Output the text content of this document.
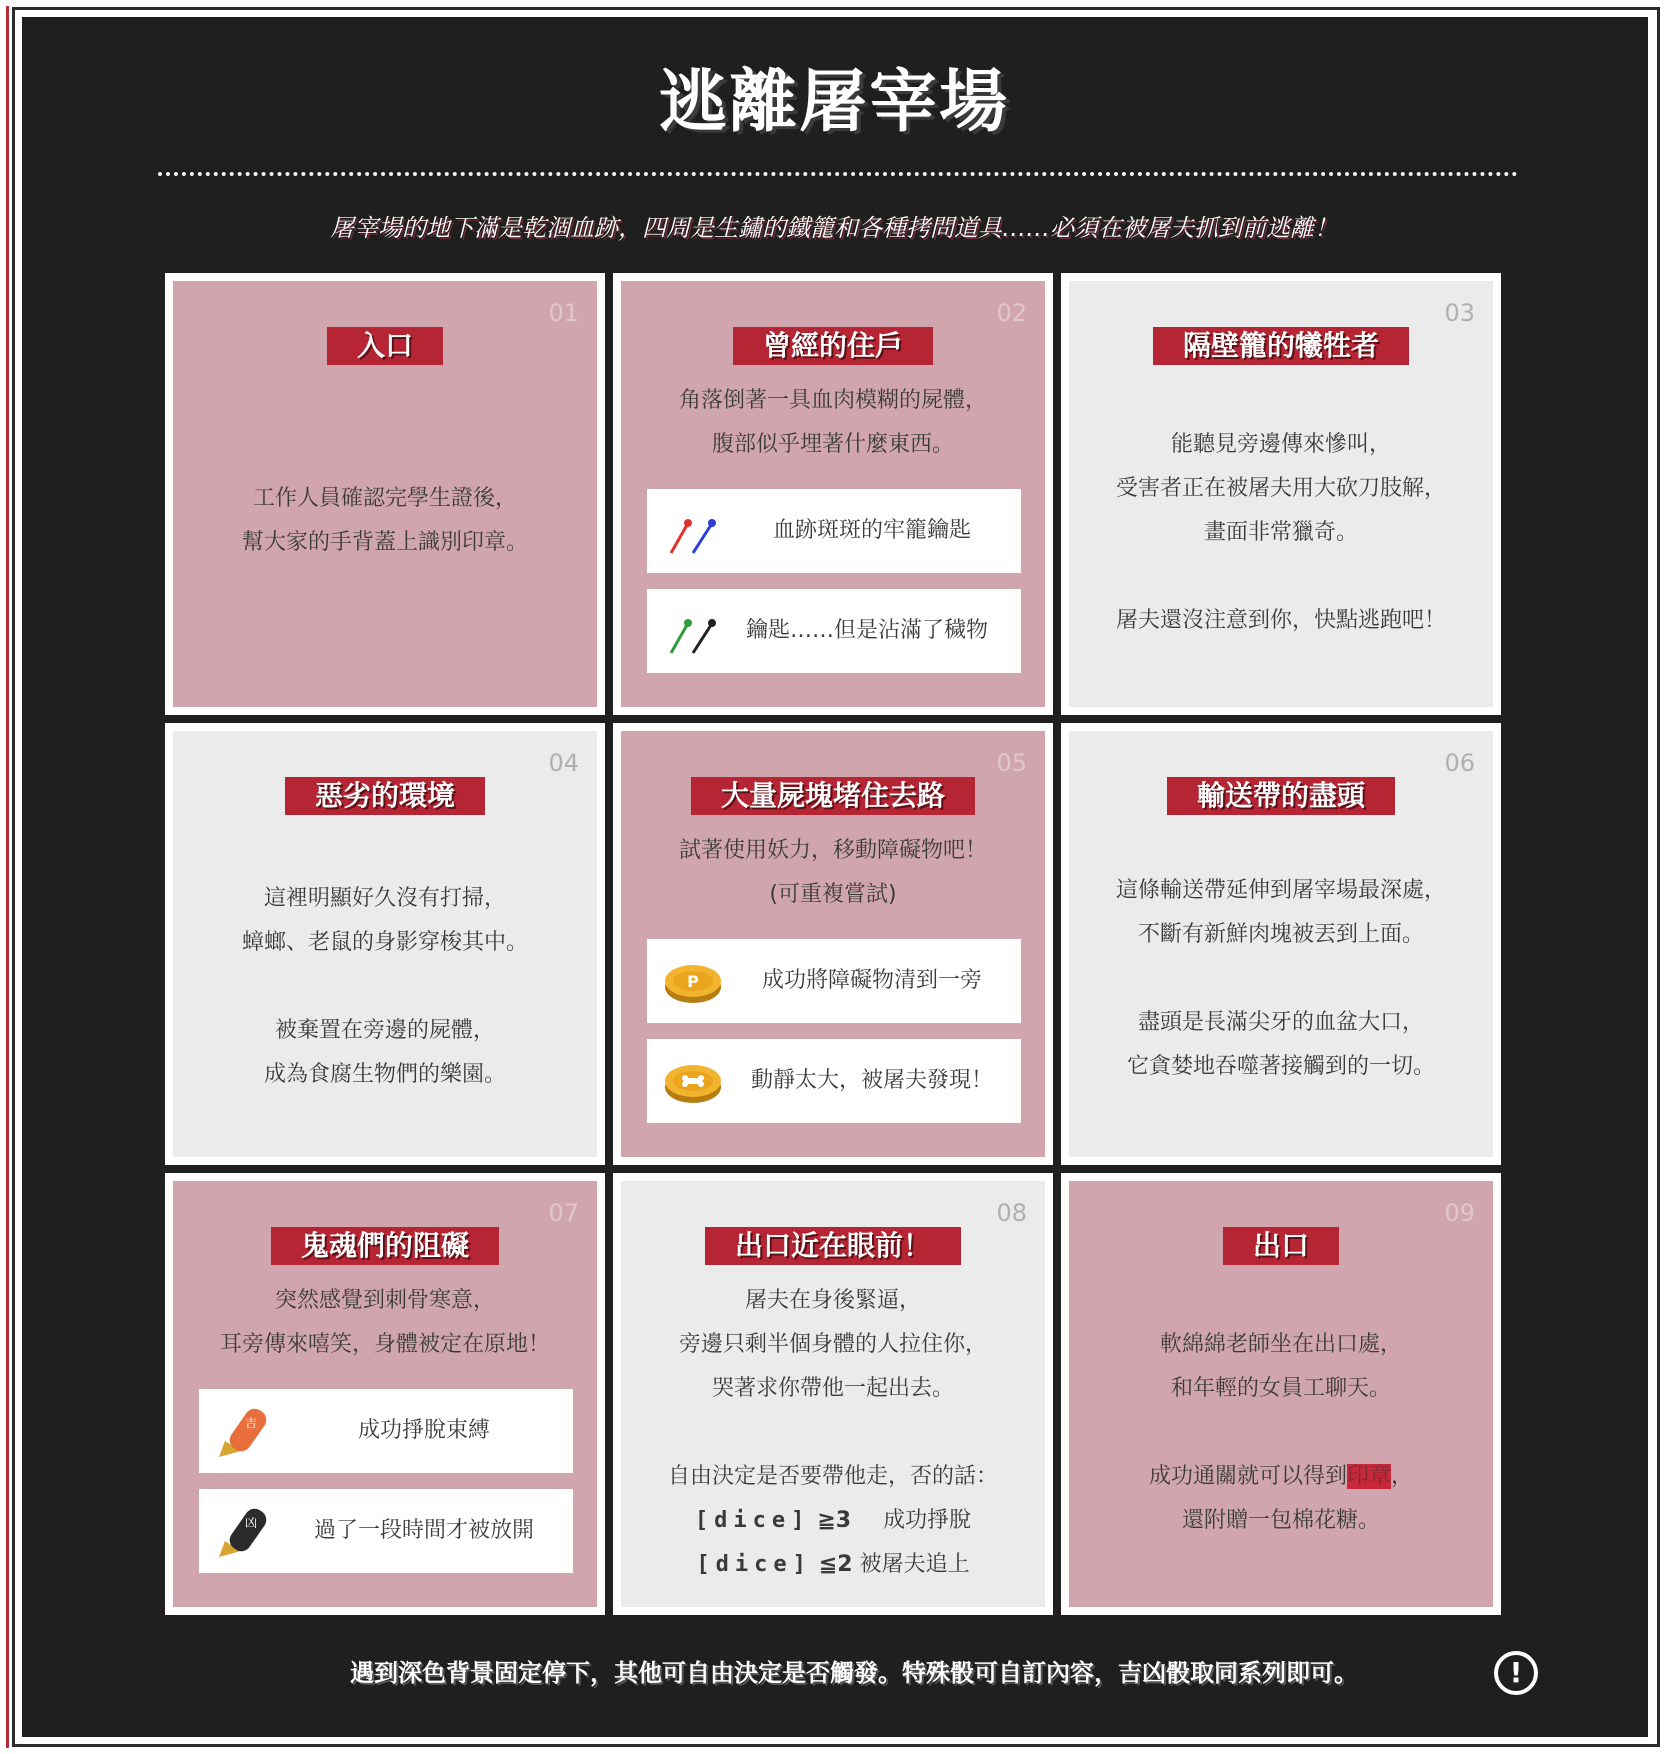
逃離屠宰場
屠宰場的地下滿是乾涸血跡，四周是生鏽的鐵籠和各種拷問道具……必須在被屠夫抓到前逃離！
01
入口
工作人員確認完學生證後，
幫大家的手背蓋上識別印章。
02
曾經的住戶
角落倒著一具血肉模糊的屍體，
腹部似乎埋著什麼東西。
血跡斑斑的牢籠鑰匙
鑰匙……但是沾滿了穢物
03
隔壁籠的犧牲者
能聽見旁邊傳來慘叫，
受害者正在被屠夫用大砍刀肢解，
畫面非常獵奇。
屠夫還沒注意到你，快點逃跑吧！
04
惡劣的環境
這裡明顯好久沒有打掃，
蟑螂、老鼠的身影穿梭其中。
被棄置在旁邊的屍體，
成為食腐生物們的樂園。
05
大量屍塊堵住去路
試著使用妖力，移動障礙物吧！
(可重複嘗試)
P	成功將障礙物清到一旁
動靜太大，被屠夫發現！
06
輸送帶的盡頭
這條輸送帶延伸到屠宰場最深處，
不斷有新鮮肉塊被丟到上面。
盡頭是長滿尖牙的血盆大口，
它貪婪地吞噬著接觸到的一切。
07
鬼魂們的阻礙
突然感覺到刺骨寒意，
耳旁傳來嘻笑，身體被定在原地！
吉	成功掙脫束縛
凶	過了一段時間才被放開
08
出口近在眼前！
屠夫在身後緊逼，
旁邊只剩半個身體的人拉住你，
哭著求你帶他一起出去。
自由決定是否要帶他走，否的話：
[dice] ≧3 成功掙脫
[dice] ≦2 被屠夫追上
09
出口
軟綿綿老師坐在出口處，
和年輕的女員工聊天。
成功通關就可以得到印章，
還附贈一包棉花糖。
遇到深色背景固定停下，其他可自由決定是否觸發。特殊骰可自訂內容，吉凶骰取同系列即可。	!
